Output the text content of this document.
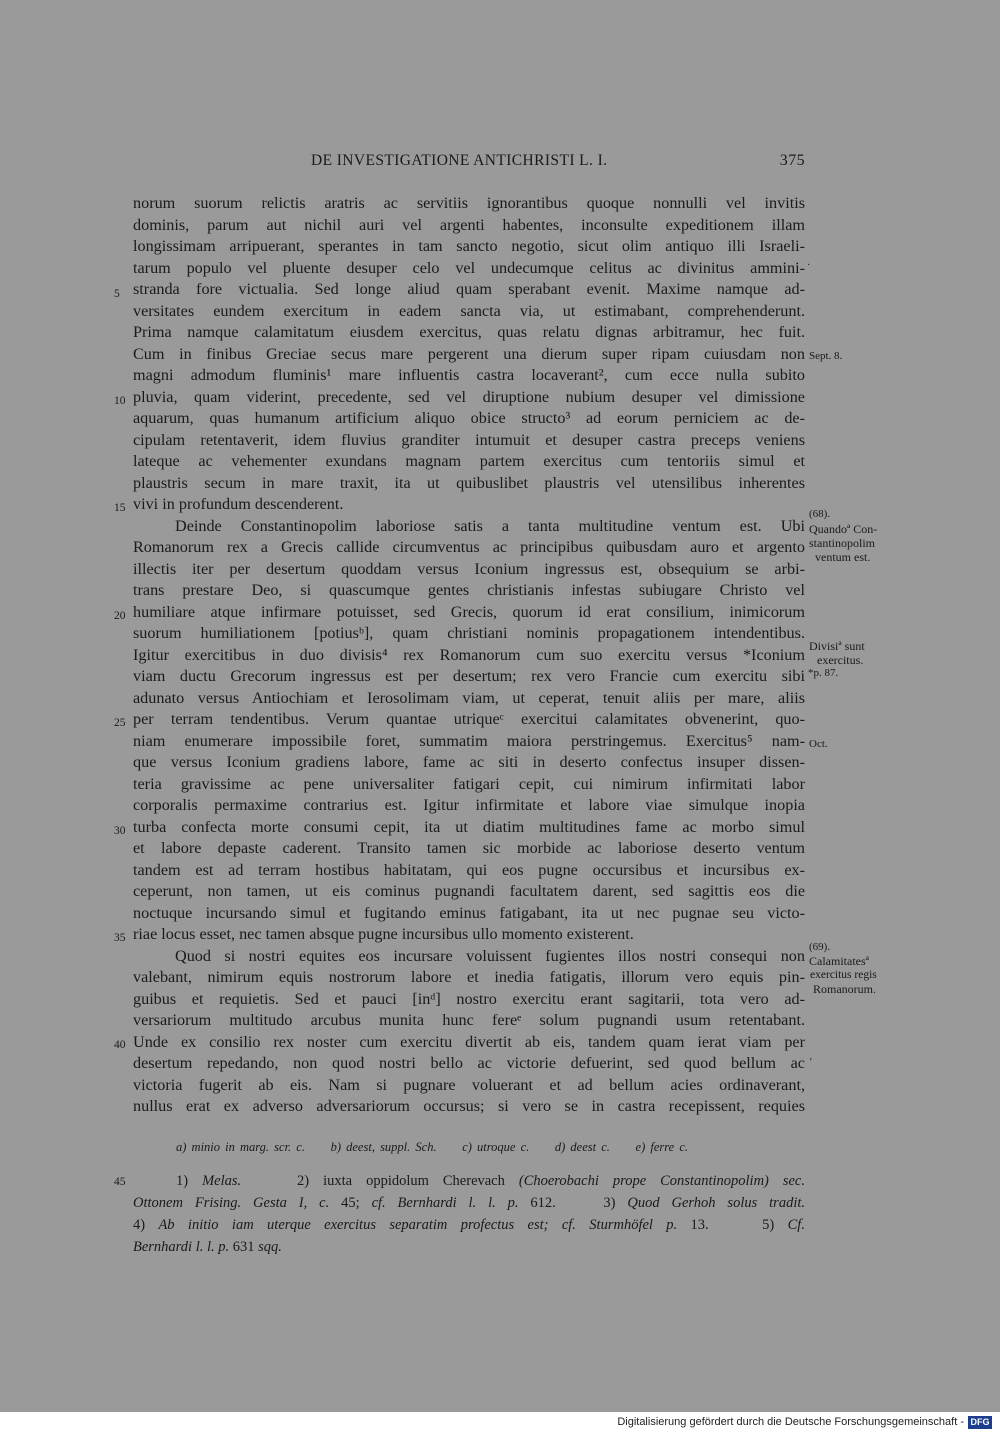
DE INVESTIGATIONE ANTICHRISTI L. I.	375
norum suorum relictis aratris ac servitiis ignorantibus quoque nonnulli vel invitis
dominis, parum aut nichil auri vel argenti habentes, inconsulte expeditionem illam
longissimam arripuerant, sperantes in tam sancto negotio, sicut olim antiquo illi Israeli-
tarum populo vel pluente desuper celo vel undecumque celitus ac divinitus ammini-
stranda fore victualia. Sed longe aliud quam sperabant evenit. Maxime namque ad-
versitates eundem exercitum in eadem sancta via, ut estimabant, comprehenderunt.
Prima namque calamitatum eiusdem exercitus, quas relatu dignas arbitramur, hec fuit.
Cum in finibus Greciae secus mare pergerent una dierum super ripam cuiusdam non
magni admodum fluminis¹ mare influentis castra locaverant², cum ecce nulla subito
pluvia, quam viderint, precedente, sed vel diruptione nubium desuper vel dimissione
aquarum, quas humanum artificium aliquo obice structo³ ad eorum perniciem ac de-
cipulam retentaverit, idem fluvius granditer intumuit et desuper castra preceps veniens
lateque ac vehementer exundans magnam partem exercitus cum tentoriis simul et
plaustris secum in mare traxit, ita ut quibuslibet plaustris vel utensilibus inherentes
vivi in profundum descenderent.
Deinde Constantinopolim laboriose satis a tanta multitudine ventum est. Ubi
Romanorum rex a Grecis callide circumventus ac principibus quibusdam auro et argento
illectis iter per desertum quoddam versus Iconium ingressus est, obsequium se arbi-
trans prestare Deo, si quascumque gentes christianis infestas subiugare Christo vel
humiliare atque infirmare potuisset, sed Grecis, quorum id erat consilium, inimicorum
suorum humiliationem [potiusᵇ], quam christiani nominis propagationem intendentibus.
Igitur exercitibus in duo divisis⁴ rex Romanorum cum suo exercitu versus *Iconium
viam ductu Grecorum ingressus est per desertum; rex vero Francie cum exercitu sibi
adunato versus Antiochiam et Ierosolimam viam, ut ceperat, tenuit aliis per mare, aliis
per terram tendentibus. Verum quantae utriqueᶜ exercitui calamitates obvenerint, quo-
niam enumerare impossibile foret, summatim maiora perstringemus. Exercitus⁵ nam-
que versus Iconium gradiens labore, fame ac siti in deserto confectus insuper dissen-
teria gravissime ac pene universaliter fatigari cepit, cui nimirum infirmitati labor
corporalis permaxime contrarius est. Igitur infirmitate et labore viae simulque inopia
turba confecta morte consumi cepit, ita ut diatim multitudines fame ac morbo simul
et labore depaste caderent. Transito tamen sic morbide ac laboriose deserto ventum
tandem est ad terram hostibus habitatam, qui eos pugne occursibus et incursibus ex-
ceperunt, non tamen, ut eis cominus pugnandi facultatem darent, sed sagittis eos die
noctuque incursando simul et fugitando eminus fatigabant, ita ut nec pugnae seu victo-
riae locus esset, nec tamen absque pugne incursibus ullo momento existerent.
Quod si nostri equites eos incursare voluissent fugientes illos nostri consequi non
valebant, nimirum equis nostrorum labore et inedia fatigatis, illorum vero equis pin-
guibus et requietis. Sed et pauci [inᵈ] nostro exercitu erant sagitarii, tota vero ad-
versariorum multitudo arcubus munita hunc fereᵉ solum pugnandi usum retentabant.
Unde ex consilio rex noster cum exercitu divertit ab eis, tandem quam ierat viam per
desertum repedando, non quod nostri bello ac victorie defuerint, sed quod bellum ac
victoria fugerit ab eis. Nam si pugnare voluerant et ad bellum acies ordinaverant,
nullus erat ex adverso adversariorum occursus; si vero se in castra recepissent, requies
5
10
15
20
25
30
35
40
45
Sept. 8.
(68).
Quandoª Con-
stantinopolim
ventum est.
Divisiª sunt
exercitus.
*p. 87.
Oct.
(69).
Calamitatesª
exercitus regis
Romanorum.
·
ʼ
a) minio in marg. scr. c.     b) deest, suppl. Sch.     c) utroque c.     d) deest c.     e) ferre c.
1) Melas.    2) iuxta oppidolum Cherevach (Choerobachi prope Constantinopolim) sec.
Ottonem Frising. Gesta I, c. 45; cf. Bernhardi l. l. p. 612.    3) Quod Gerhoh solus tradit.
4) Ab initio iam uterque exercitus separatim profectus est; cf. Sturmhöfel p. 13.    5) Cf.
Bernhardi l. l. p. 631 sqq.
Digitalisierung gefördert durch die Deutsche Forschungsgemeinschaft - DFG
